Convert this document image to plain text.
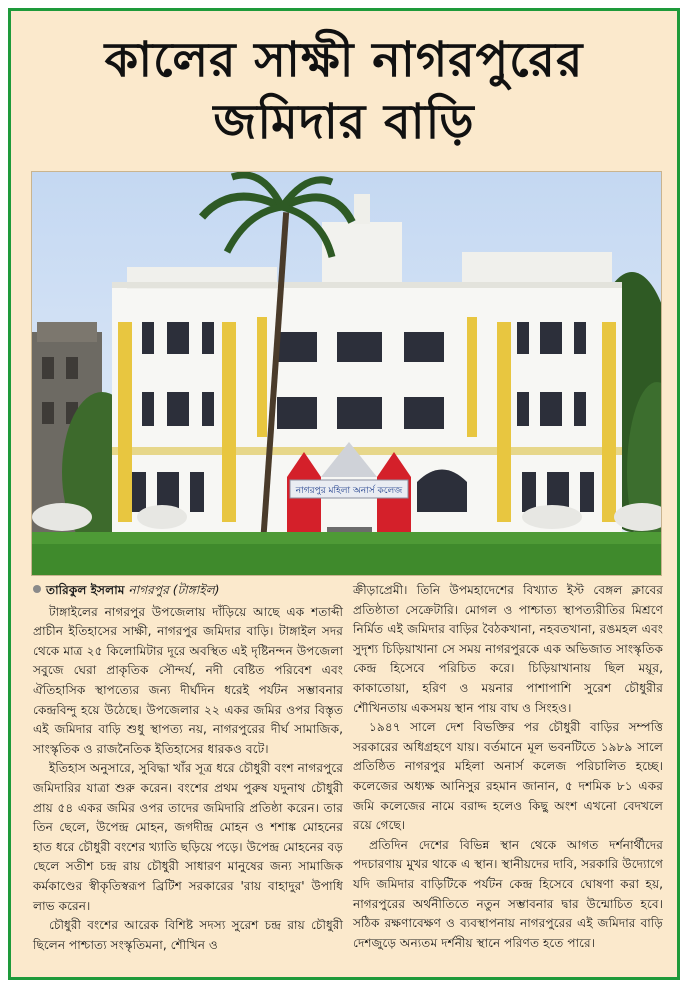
কালের সাক্ষী নাগরপুরের
জমিদার বাড়ি
নাগরপুর মহিলা অনার্স কলেজ
তারিকুল ইসলাম নাগরপুর (টাঙ্গাইল)

টাঙ্গাইলের নাগরপুর উপজেলায় দাঁড়িয়ে আছে এক শতাব্দী প্রাচীন ইতিহাসের সাক্ষী, নাগরপুর জমিদার বাড়ি। টাঙ্গাইল সদর থেকে মাত্র ২৫ কিলোমিটার দূরে অবস্থিত এই দৃষ্টিনন্দন উপজেলা সবুজে ঘেরা প্রাকৃতিক সৌন্দর্য, নদী বেষ্টিত পরিবেশ এবং ঐতিহাসিক স্থাপত্যের জন্য দীর্ঘদিন ধরেই পর্যটন সম্ভাবনার কেন্দ্রবিন্দু হয়ে উঠেছে। উপজেলার ২২ একর জমির ওপর বিস্তৃত এই জমিদার বাড়ি শুধু স্থাপত্য নয়, নাগরপুরের দীর্ঘ সামাজিক, সাংস্কৃতিক ও রাজনৈতিক ইতিহাসের ধারকও বটে।

ইতিহাস অনুসারে, সুবিদ্ধা খাঁর সূত্র ধরে চৌধুরী বংশ নাগরপুরে জমিদারির যাত্রা শুরু করেন। বংশের প্রথম পুরুষ যদুনাথ চৌধুরী প্রায় ৫৪ একর জমির ওপর তাদের জমিদারি প্রতিষ্ঠা করেন। তার তিন ছেলে, উপেন্দ্র মোহন, জগদীন্দ্র মোহন ও শশাঙ্ক মোহনের হাত ধরে চৌধুরী বংশের খ্যাতি ছড়িয়ে পড়ে। উপেন্দ্র মোহনের বড় ছেলে সতীশ চন্দ্র রায় চৌধুরী সাধারণ মানুষের জন্য সামাজিক কর্মকাণ্ডের স্বীকৃতিস্বরূপ ব্রিটিশ সরকারের 'রায় বাহাদুর' উপাধি লাভ করেন।

চৌধুরী বংশের আরেক বিশিষ্ট সদস্য সুরেশ চন্দ্র রায় চৌধুরী ছিলেন পাশ্চাত্য সংস্কৃতিমনা, শৌখিন ও

ক্রীড়াপ্রেমী। তিনি উপমহাদেশের বিখ্যাত ইস্ট বেঙ্গল ক্লাবের প্রতিষ্ঠাতা সেক্রেটারি। মোগল ও পাশ্চাত্য স্থাপত্যরীতির মিশ্রণে নির্মিত এই জমিদার বাড়ির বৈঠকখানা, নহবতখানা, রঙমহল এবং সুদৃশ্য চিড়িয়াখানা সে সময় নাগরপুরকে এক অভিজাত সাংস্কৃতিক কেন্দ্র হিসেবে পরিচিত করে। চিড়িয়াখানায় ছিল ময়ূর, কাকাতোয়া, হরিণ ও ময়নার পাশাপাশি সুরেশ চৌধুরীর শৌখিনতায় একসময় স্থান পায় বাঘ ও সিংহও।

১৯৪৭ সালে দেশ বিভক্তির পর চৌধুরী বাড়ির সম্পত্তি সরকারের অধিগ্রহণে যায়। বর্তমানে মূল ভবনটিতে ১৯৮৯ সালে প্রতিষ্ঠিত নাগরপুর মহিলা অনার্স কলেজ পরিচালিত হচ্ছে। কলেজের অধ্যক্ষ আনিসুর রহমান জানান, ৫ দশমিক ৮১ একর জমি কলেজের নামে বরাদ্দ হলেও কিছু অংশ এখনো বেদখলে রয়ে গেছে।

প্রতিদিন দেশের বিভিন্ন স্থান থেকে আগত দর্শনার্থীদের পদচারণায় মুখর থাকে এ স্থান। স্থানীয়দের দাবি, সরকারি উদ্যোগে যদি জমিদার বাড়িটিকে পর্যটন কেন্দ্র হিসেবে ঘোষণা করা হয়, নাগরপুরের অর্থনীতিতে নতুন সম্ভাবনার দ্বার উন্মোচিত হবে। সঠিক রক্ষণাবেক্ষণ ও ব্যবস্থাপনায় নাগরপুরের এই জমিদার বাড়ি দেশজুড়ে অন্যতম দর্শনীয় স্থানে পরিণত হতে পারে।
